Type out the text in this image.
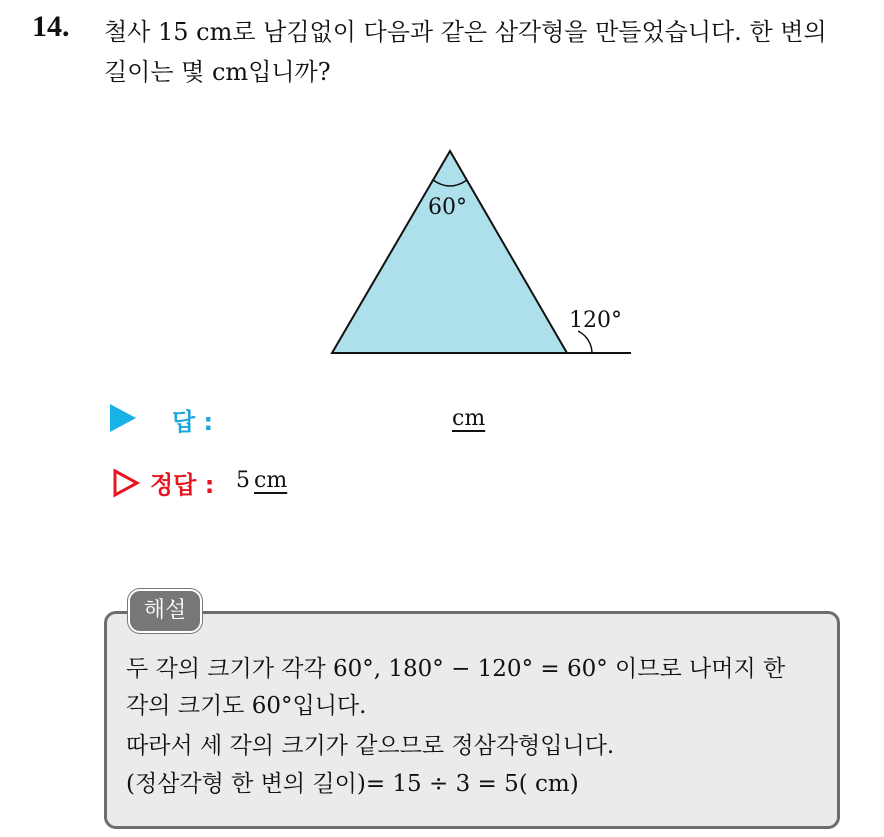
14. 철사 15 cm로 남김없이 다음과 같은 삼각형을 만들었습니다. 한 변의
길이는 몇 cm입니까?
60°
120°
답 :	cm
정답 : 5 cm
해설
두 각의 크기가 각각 60°, 180° − 120° = 60° 이므로 나머지 한
각의 크기도 60°입니다.
따라서 세 각의 크기가 같으므로 정삼각형입니다.
(정삼각형 한 변의 길이)= 15 ÷ 3 = 5( cm)
